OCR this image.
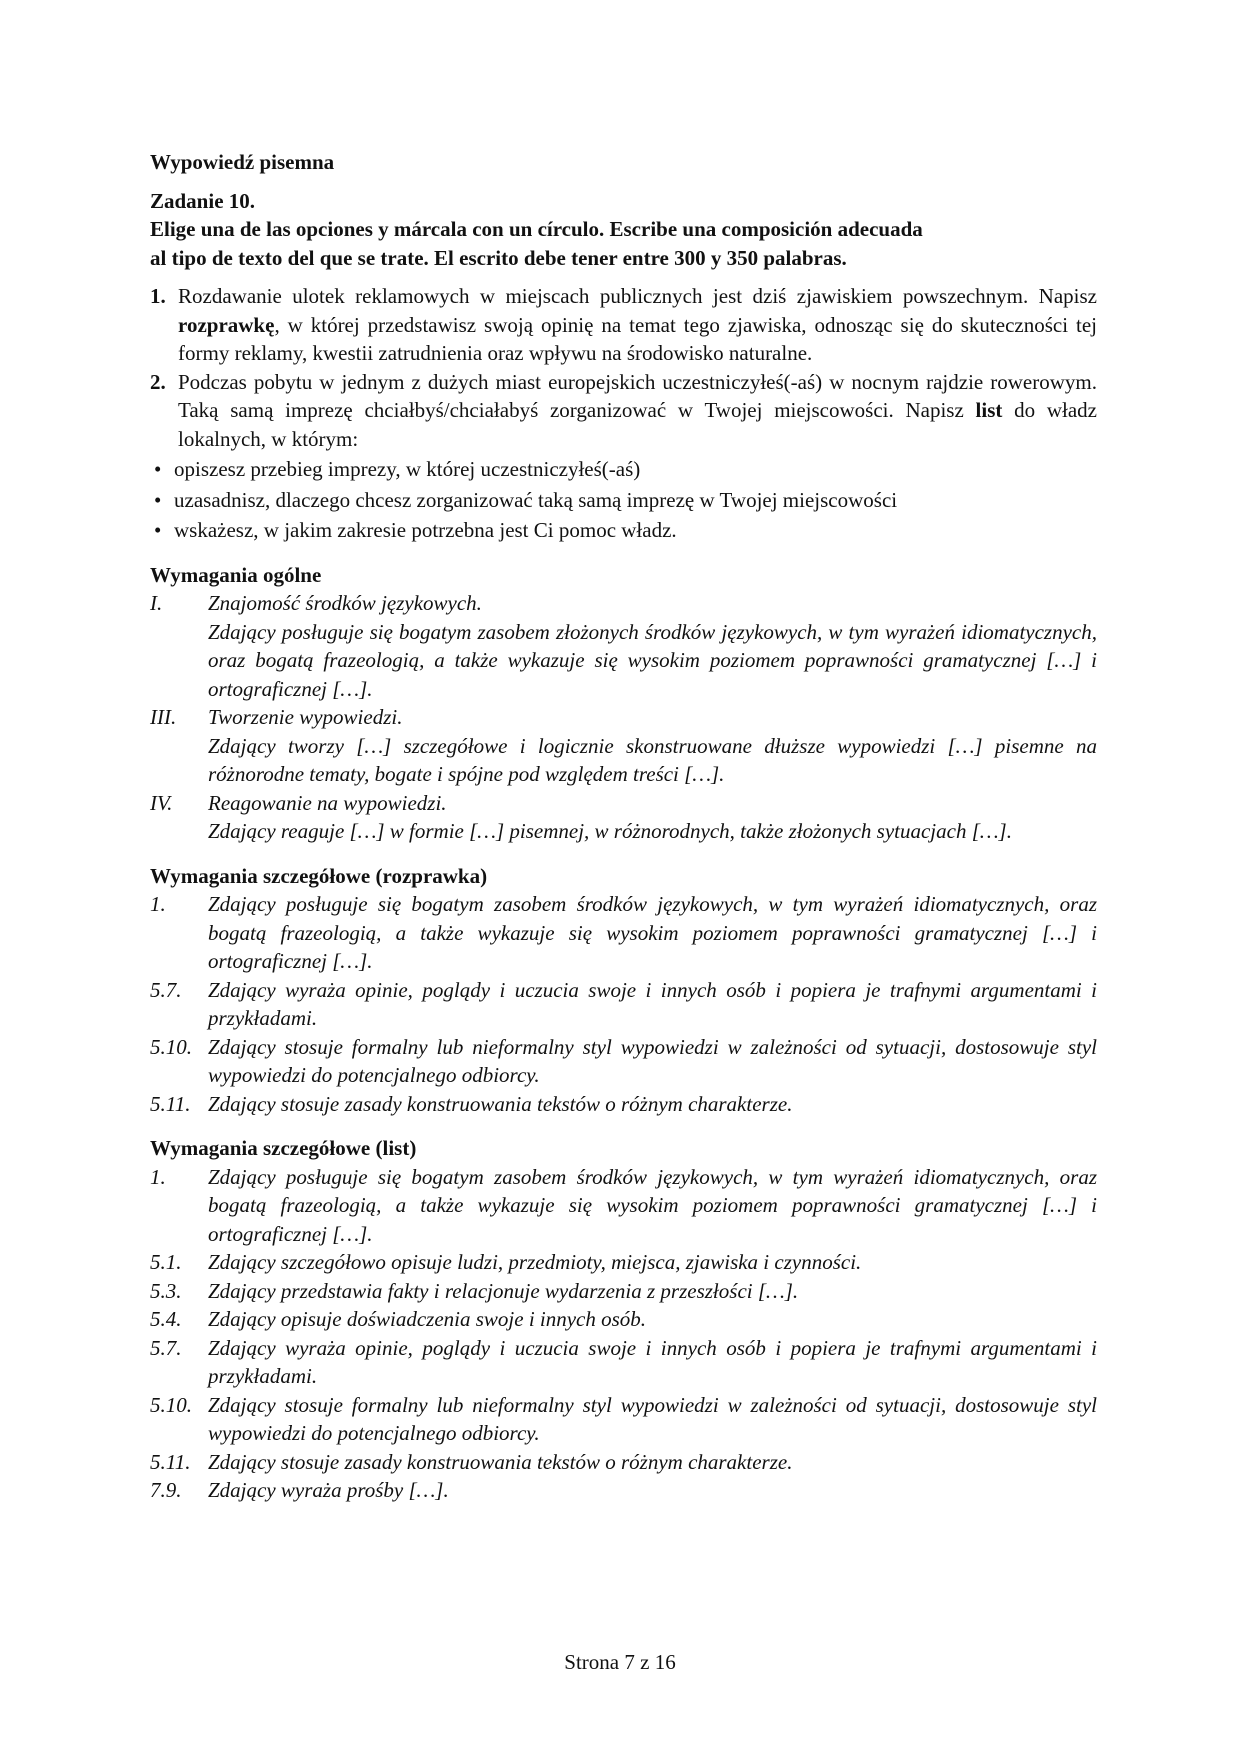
Wypowiedź pisemna

Zadanie 10.

Elige una de las opciones y márcala con un círculo. Escribe una composición adecuada
al tipo de texto del que se trate. El escrito debe tener entre 300 y 350 palabras.

1. Rozdawanie ulotek reklamowych w miejscach publicznych jest dziś zjawiskiem powszechnym. Napisz rozprawkę, w której przedstawisz swoją opinię na temat tego zjawiska, odnosząc się do skuteczności tej formy reklamy, kwestii zatrudnienia oraz wpływu na środowisko naturalne.
2. Podczas pobytu w jednym z dużych miast europejskich uczestniczyłeś(-aś) w nocnym rajdzie rowerowym. Taką samą imprezę chciałbyś/chciałabyś zorganizować w Twojej miejscowości. Napisz list do władz lokalnych, w którym:
• opiszesz przebieg imprezy, w której uczestniczyłeś(-aś)
• uzasadnisz, dlaczego chcesz zorganizować taką samą imprezę w Twojej miejscowości
• wskażesz, w jakim zakresie potrzebna jest Ci pomoc władz.

Wymagania ogólne

I.	Znajomość środków językowych.
Zdający posługuje się bogatym zasobem złożonych środków językowych, w tym wyrażeń idiomatycznych, oraz bogatą frazeologią, a także wykazuje się wysokim poziomem poprawności gramatycznej […] i ortograficznej […].
III.	Tworzenie wypowiedzi.
Zdający tworzy […] szczegółowe i logicznie skonstruowane dłuższe wypowiedzi […] pisemne na różnorodne tematy, bogate i spójne pod względem treści […].
IV.	Reagowanie na wypowiedzi.
Zdający reaguje […] w formie […] pisemnej, w różnorodnych, także złożonych sytuacjach […].

Wymagania szczegółowe (rozprawka)

1.	Zdający posługuje się bogatym zasobem środków językowych, w tym wyrażeń idiomatycznych, oraz bogatą frazeologią, a także wykazuje się wysokim poziomem poprawności gramatycznej […] i ortograficznej […].
5.7.	Zdający wyraża opinie, poglądy i uczucia swoje i innych osób i popiera je trafnymi argumentami i przykładami.
5.10. Zdający stosuje formalny lub nieformalny styl wypowiedzi w zależności od sytuacji, dostosowuje styl wypowiedzi do potencjalnego odbiorcy.
5.11. Zdający stosuje zasady konstruowania tekstów o różnym charakterze.

Wymagania szczegółowe (list)

1.	Zdający posługuje się bogatym zasobem środków językowych, w tym wyrażeń idiomatycznych, oraz bogatą frazeologią, a także wykazuje się wysokim poziomem poprawności gramatycznej […] i ortograficznej […].
5.1.	Zdający szczegółowo opisuje ludzi, przedmioty, miejsca, zjawiska i czynności.
5.3.	Zdający przedstawia fakty i relacjonuje wydarzenia z przeszłości […].
5.4.	Zdający opisuje doświadczenia swoje i innych osób.
5.7.	Zdający wyraża opinie, poglądy i uczucia swoje i innych osób i popiera je trafnymi argumentami i przykładami.
5.10. Zdający stosuje formalny lub nieformalny styl wypowiedzi w zależności od sytuacji, dostosowuje styl wypowiedzi do potencjalnego odbiorcy.
5.11. Zdający stosuje zasady konstruowania tekstów o różnym charakterze.
7.9.	Zdający wyraża prośby […].
Strona 7 z 16
